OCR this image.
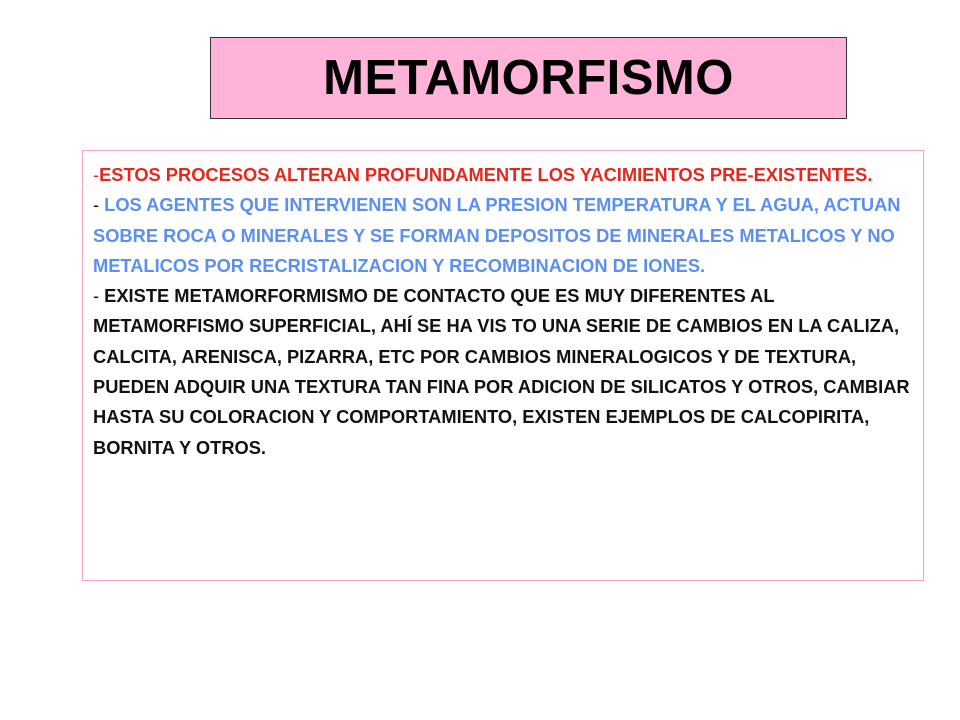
METAMORFISMO

-ESTOS PROCESOS ALTERAN PROFUNDAMENTE LOS YACIMIENTOS PRE-EXISTENTES.

- LOS AGENTES QUE INTERVIENEN SON LA PRESION TEMPERATURA Y EL AGUA, ACTUAN SOBRE ROCA O MINERALES Y SE FORMAN DEPOSITOS DE MINERALES METALICOS Y NO METALICOS POR RECRISTALIZACION Y RECOMBINACION DE IONES.

- EXISTE METAMORFORMISMO DE CONTACTO QUE ES MUY DIFERENTES AL METAMORFISMO SUPERFICIAL, AHÍ SE HA VIS TO UNA SERIE DE CAMBIOS EN LA CALIZA, CALCITA, ARENISCA, PIZARRA, ETC POR CAMBIOS MINERALOGICOS Y DE TEXTURA, PUEDEN ADQUIR UNA TEXTURA TAN FINA POR ADICION DE SILICATOS Y OTROS, CAMBIAR HASTA SU COLORACION Y COMPORTAMIENTO, EXISTEN EJEMPLOS DE CALCOPIRITA, BORNITA Y OTROS.
